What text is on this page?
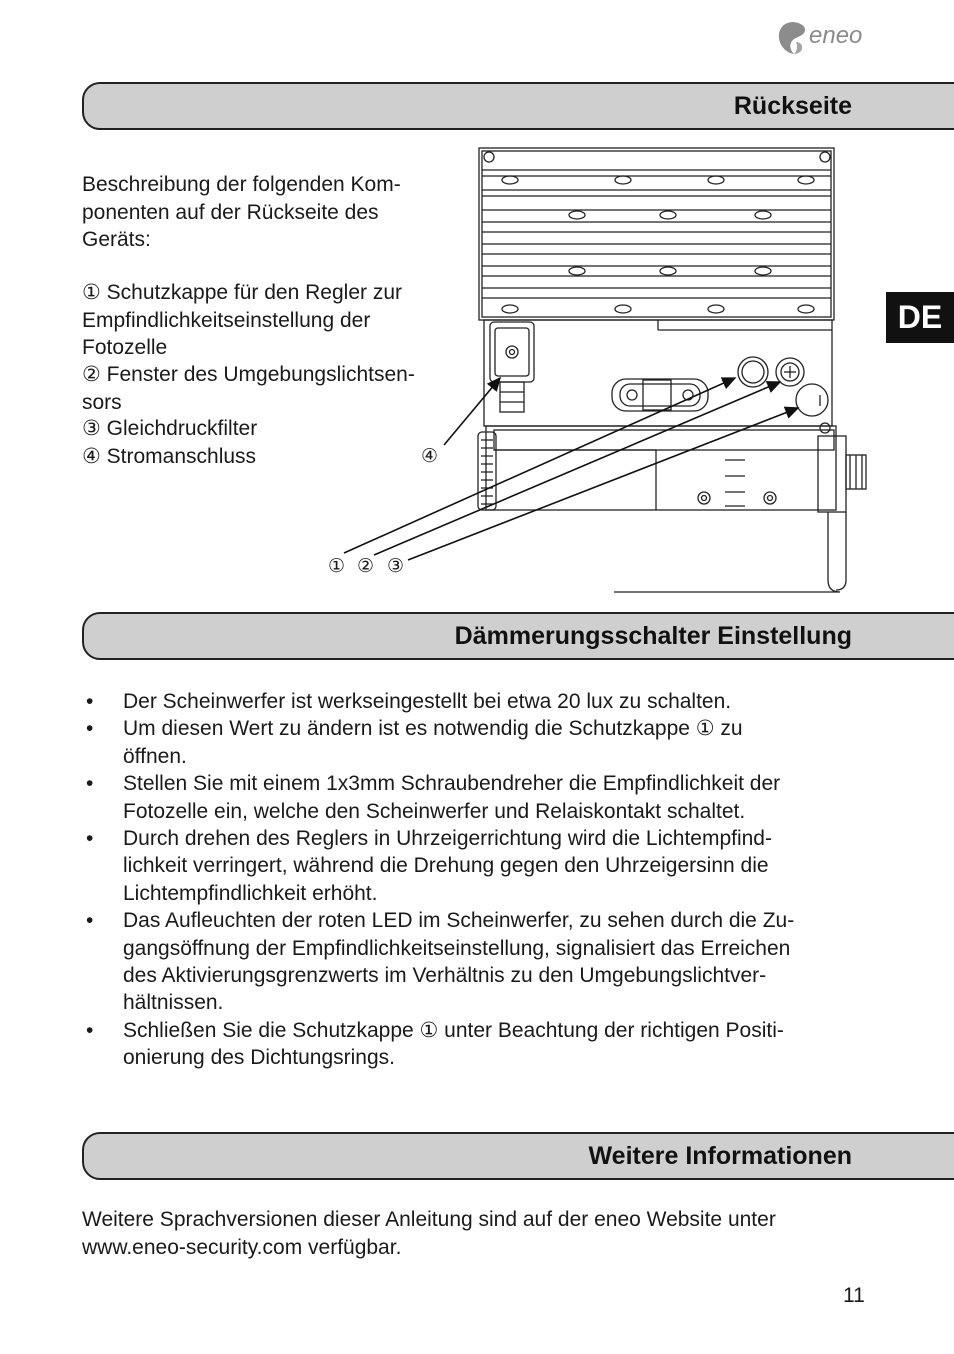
eneo
DE
Rückseite
Beschreibung der folgenden Kom-
ponenten auf der Rückseite des
Geräts:
① Schutzkappe für den Regler zur
Empfindlichkeitseinstellung der
Fotozelle
② Fenster des Umgebungslichtsen-
sors
③ Gleichdruckfilter
④ Stromanschluss	④
① ② ③
Dämmerungsschalter Einstellung
• Der Scheinwerfer ist werkseingestellt bei etwa 20 lux zu schalten.
• Um diesen Wert zu ändern ist es notwendig die Schutzkappe ① zu
öffnen.
• Stellen Sie mit einem 1x3mm Schraubendreher die Empfindlichkeit der
Fotozelle ein, welche den Scheinwerfer und Relaiskontakt schaltet.
• Durch drehen des Reglers in Uhrzeigerrichtung wird die Lichtempfind-
lichkeit verringert, während die Drehung gegen den Uhrzeigersinn die
Lichtempfindlichkeit erhöht.
• Das Aufleuchten der roten LED im Scheinwerfer, zu sehen durch die Zu-
gangsöffnung der Empfindlichkeitseinstellung, signalisiert das Erreichen
des Aktivierungsgrenzwerts im Verhältnis zu den Umgebungslichtver-
hältnissen.
• Schließen Sie die Schutzkappe ① unter Beachtung der richtigen Positi-
onierung des Dichtungsrings.
Weitere Informationen
Weitere Sprachversionen dieser Anleitung sind auf der eneo Website unter
www.eneo-security.com verfügbar.
11
